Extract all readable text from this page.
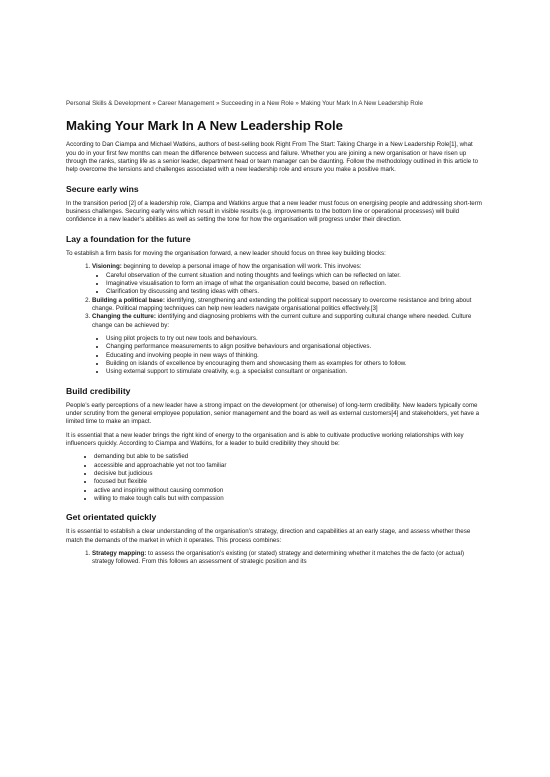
Personal Skills & Development » Career Management » Succeeding in a New Role » Making Your Mark In A New Leadership Role
Making Your Mark In A New Leadership Role

According to Dan Ciampa and Michael Watkins, authors of best-selling book Right From The Start: Taking Charge in a New Leadership Role[1], what you do in your first few months can mean the difference between success and failure. Whether you are joining a new organisation or have risen up through the ranks, starting life as a senior leader, department head or team manager can be daunting. Follow the methodology outlined in this article to help overcome the tensions and challenges associated with a new leadership role and ensure you make a positive mark.

Secure early wins

In the transition period [2] of a leadership role, Ciampa and Watkins argue that a new leader must focus on energising people and addressing short-term business challenges. Securing early wins which result in visible results (e.g. improvements to the bottom line or operational processes) will build confidence in a new leader’s abilities as well as setting the tone for how the organisation will progress under their direction.

Lay a foundation for the future

To establish a firm basis for moving the organisation forward, a new leader should focus on three key building blocks:

1. Visioning: beginning to develop a personal image of how the organisation will work. This involves:
• Careful observation of the current situation and noting thoughts and feelings which can be reflected on later.
• Imaginative visualisation to form an image of what the organisation could become, based on reflection.
• Clarification by discussing and testing ideas with others.
2. Building a political base: identifying, strengthening and extending the political support necessary to overcome resistance and bring about change. Political mapping techniques can help new leaders navigate organisational politics effectively.[3]
3. Changing the culture: identifying and diagnosing problems with the current culture and supporting cultural change where needed. Culture change can be achieved by:
• Using pilot projects to try out new tools and behaviours.
• Changing performance measurements to align positive behaviours and organisational objectives.
• Educating and involving people in new ways of thinking.
• Building on islands of excellence by encouraging them and showcasing them as examples for others to follow.
• Using external support to stimulate creativity, e.g. a specialist consultant or organisation.
Build credibility

People’s early perceptions of a new leader have a strong impact on the development (or otherwise) of long-term credibility. New leaders typically come under scrutiny from the general employee population, senior management and the board as well as external customers[4] and stakeholders, yet have a limited time to make an impact.

It is essential that a new leader brings the right kind of energy to the organisation and is able to cultivate productive working relationships with key influencers quickly. According to Ciampa and Watkins, for a leader to build credibility they should be:

• demanding but able to be satisfied
• accessible and approachable yet not too familiar
• decisive but judicious
• focused but flexible
• active and inspiring without causing commotion
• willing to make tough calls but with compassion
Get orientated quickly

It is essential to establish a clear understanding of the organisation’s strategy, direction and capabilities at an early stage, and assess whether these match the demands of the market in which it operates. This process combines:

1. Strategy mapping: to assess the organisation’s existing (or stated) strategy and determining whether it matches the de facto (or actual) strategy followed. From this follows an assessment of strategic position and its
